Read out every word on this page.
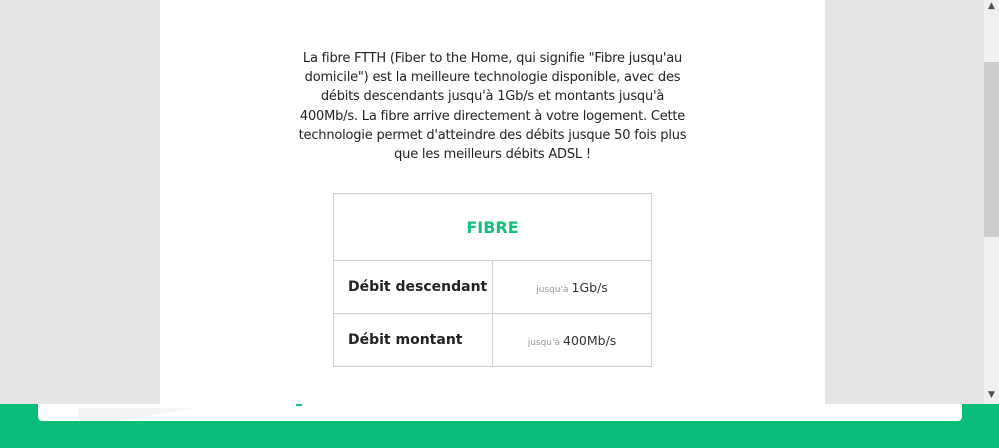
La fibre FTTH (Fiber to the Home, qui signifie "Fibre jusqu'au domicile") est la meilleure technologie disponible, avec des débits descendants jusqu'à 1Gb/s et montants jusqu'à 400Mb/s. La fibre arrive directement à votre logement. Cette technologie permet d'atteindre des débits jusque 50 fois plus que les meilleurs débits ADSL !

FIBRE	
Débit descendant	jusqu'à 1Gb/s
Débit montant	jusqu'à 400Mb/s
▲
▼
